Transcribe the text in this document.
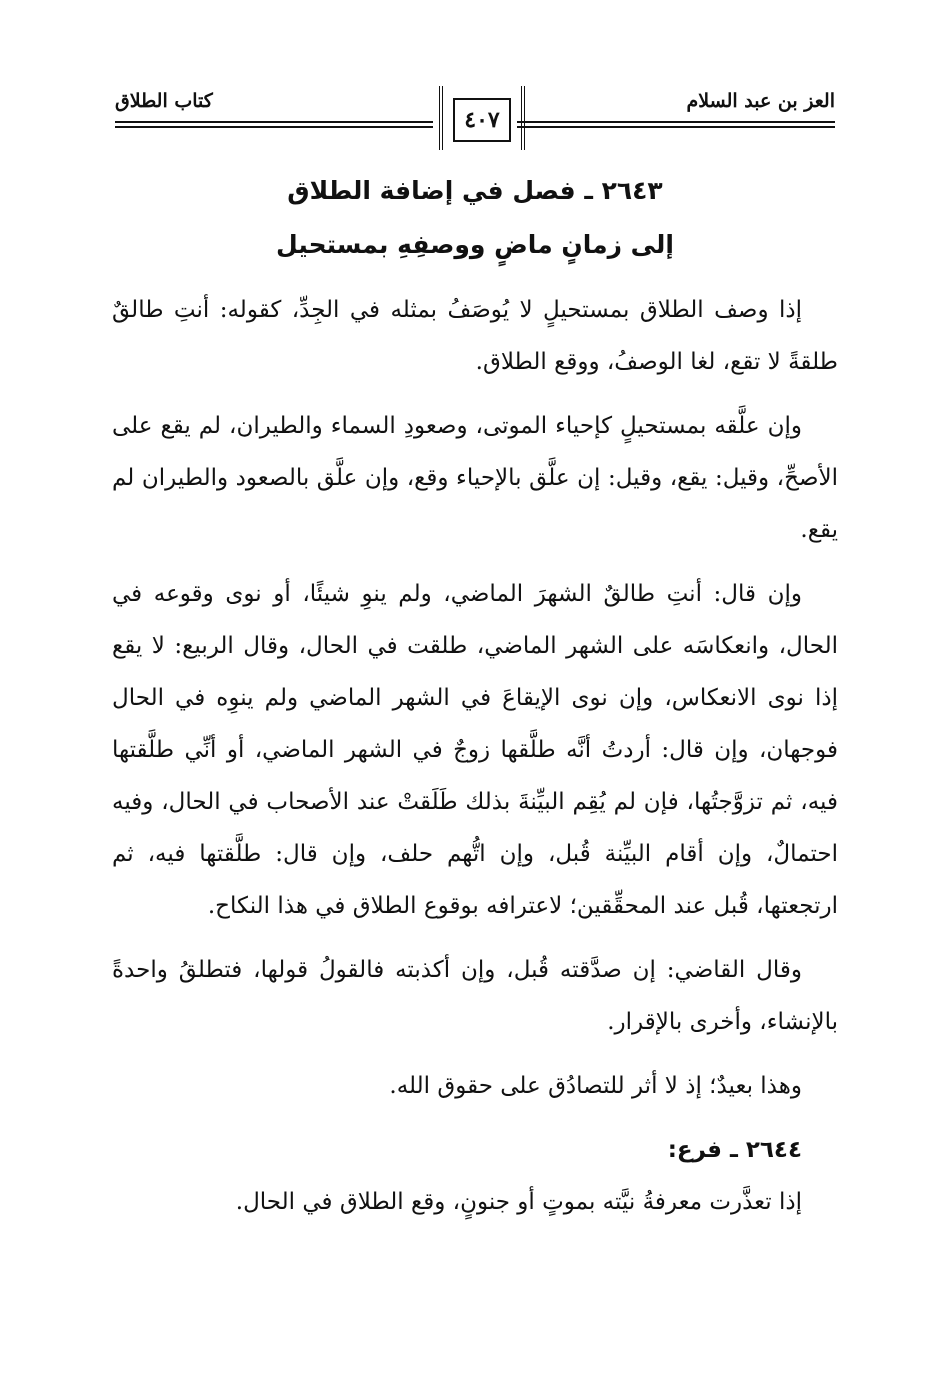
العز بن عبد السلام
كتاب الطلاق
٤٠٧
٢٦٤٣ ـ فصل في إضافة الطلاق
إلى زمانٍ ماضٍ ووصفِهِ بمستحيل

إذا وصف الطلاق بمستحيلٍ لا يُوصَفُ بمثله في الجِدِّ، كقوله: أنتِ طالقٌ طلقةً لا تقع، لغا الوصفُ، ووقع الطلاق.

وإن علَّقه بمستحيلٍ كإحياء الموتى، وصعودِ السماء والطيران، لم يقع على الأصحِّ، وقيل: يقع، وقيل: إن علَّق بالإحياء وقع، وإن علَّق بالصعود والطيران لم يقع.

وإن قال: أنتِ طالقٌ الشهرَ الماضي، ولم ينوِ شيئًا، أو نوى وقوعه في الحال، وانعكاسَه على الشهر الماضي، طلقت في الحال، وقال الربيع: لا يقع إذا نوى الانعكاس، وإن نوى الإيقاعَ في الشهر الماضي ولم ينوِه في الحال فوجهان، وإن قال: أردتُ أنَّه طلَّقها زوجٌ في الشهر الماضي، أو أنِّي طلَّقتها فيه، ثم تزوَّجتُها، فإن لم يُقِم البيِّنةَ بذلك طَلَقتْ عند الأصحاب في الحال، وفيه احتمالٌ، وإن أقام البيِّنة قُبل، وإن اتُّهم حلف، وإن قال: طلَّقتها فيه، ثم ارتجعتها، قُبل عند المحقِّقين؛ لاعترافه بوقوع الطلاق في هذا النكاح.

وقال القاضي: إن صدَّقته قُبل، وإن أكذبته فالقولُ قولها، فتطلقُ واحدةً بالإنشاء، وأخرى بالإقرار.

وهذا بعيدٌ؛ إذ لا أثر للتصادُق على حقوق الله.

٢٦٤٤ ـ فرع:

إذا تعذَّرت معرفةُ نيَّته بموتٍ أو جنونٍ، وقع الطلاق في الحال.
